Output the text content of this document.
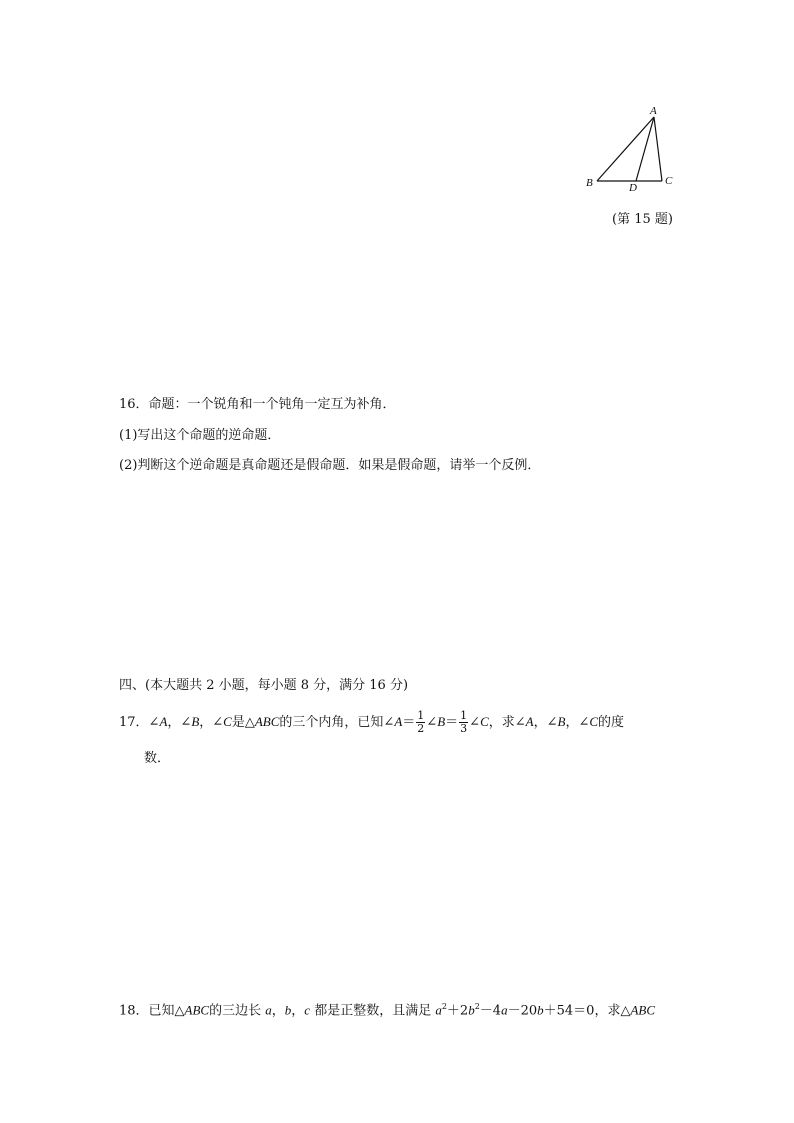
A
B	C
D
(第 15 题)
16．命题：一个锐角和一个钝角一定互为补角．
(1)写出这个命题的逆命题．
(2)判断这个逆命题是真命题还是假命题．如果是假命题，请举一个反例．
四、(本大题共 2 小题，每小题 8 分，满分 16 分)
17．∠A，∠B，∠C是△ABC的三个内角，已知∠A＝ $\frac{1}{2}$ ∠B＝ $\frac{1}{3}$ ∠C，求∠A，∠B，∠C的度
数．
18．已知△ABC的三边长 a，b，c 都是正整数，且满足 $a^2+2b^2-4a-20b+54=0$，求△ABC
